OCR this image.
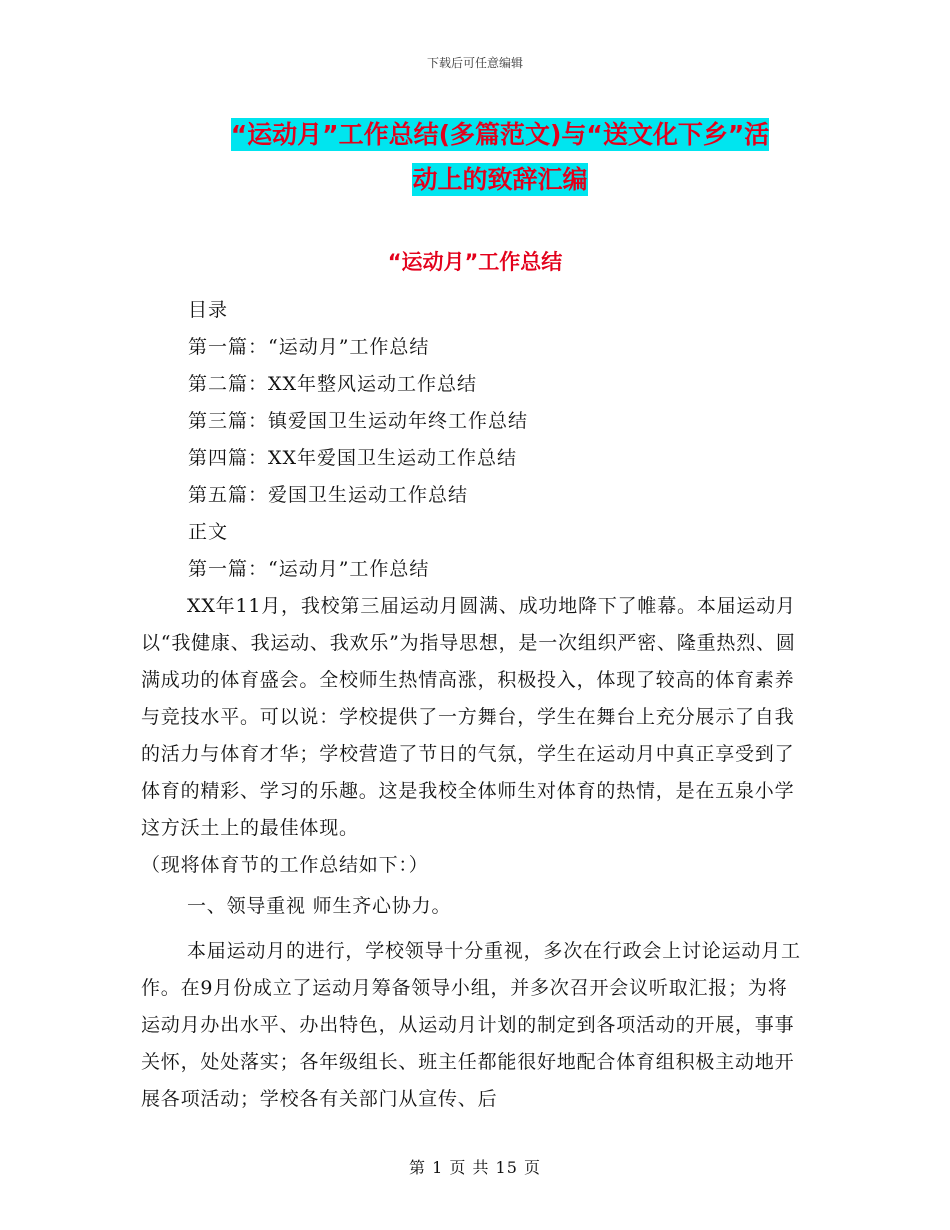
下载后可任意编辑
“运动月”工作总结(多篇范文)与“送文化下乡”活
动上的致辞汇编
“运动月”工作总结
目录
第一篇：“运动月”工作总结
第二篇：XX年整风运动工作总结
第三篇：镇爱国卫生运动年终工作总结
第四篇：XX年爱国卫生运动工作总结
第五篇：爱国卫生运动工作总结
正文
第一篇：“运动月”工作总结

XX年11月，我校第三届运动月圆满、成功地降下了帷幕。本届运动月以“我健康、我运动、我欢乐”为指导思想，是一次组织严密、隆重热烈、圆满成功的体育盛会。全校师生热情高涨，积极投入，体现了较高的体育素养与竞技水平。可以说：学校提供了一方舞台，学生在舞台上充分展示了自我的活力与体育才华；学校营造了节日的气氛，学生在运动月中真正享受到了体育的精彩、学习的乐趣。这是我校全体师生对体育的热情，是在五泉小学这方沃土上的最佳体现。

（现将体育节的工作总结如下：）

一、领导重视 师生齐心协力。

本届运动月的进行，学校领导十分重视，多次在行政会上讨论运动月工作。在9月份成立了运动月筹备领导小组，并多次召开会议听取汇报；为将运动月办出水平、办出特色，从运动月计划的制定到各项活动的开展，事事关怀，处处落实；各年级组长、班主任都能很好地配合体育组积极主动地开展各项活动；学校各有关部门从宣传、后

第 1 页 共 15 页
